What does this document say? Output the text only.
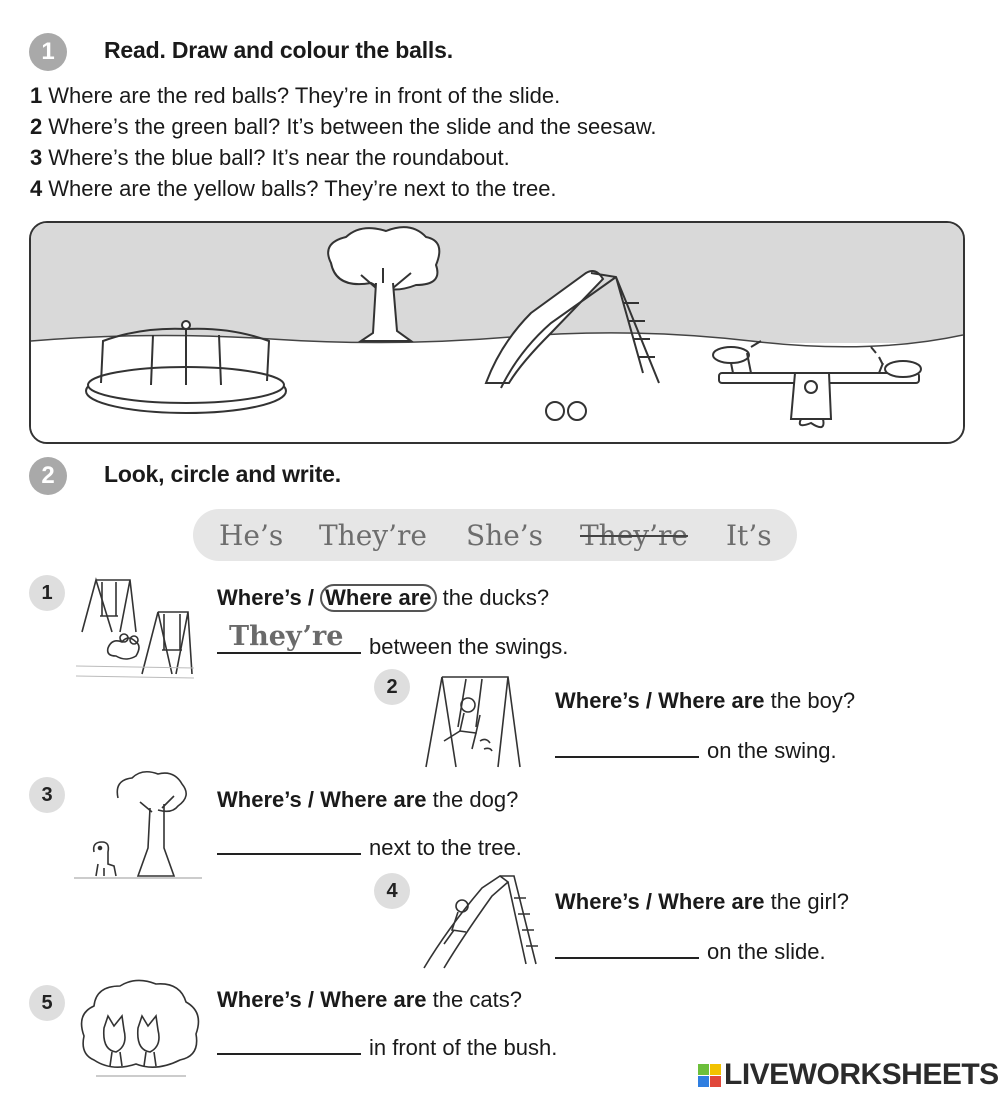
1 Read. Draw and colour the balls.
1 Where are the red balls? They’re in front of the slide.
2 Where’s the green ball? It’s between the slide and the seesaw.
3 Where’s the blue ball? It’s near the roundabout.
4 Where are the yellow balls? They’re next to the tree.
2 Look, circle and write.
He’s They’re She’s They’re It’s
1	Where’s / Where are the ducks?
They’re between the swings.
2
Where’s / Where are the boy?
on the swing.
3	Where’s / Where are the dog?
next to the tree.
4	Where’s / Where are the girl?
on the slide.
5	Where’s / Where are the cats?
in front of the bush.
LIVEWORKSHEETS
